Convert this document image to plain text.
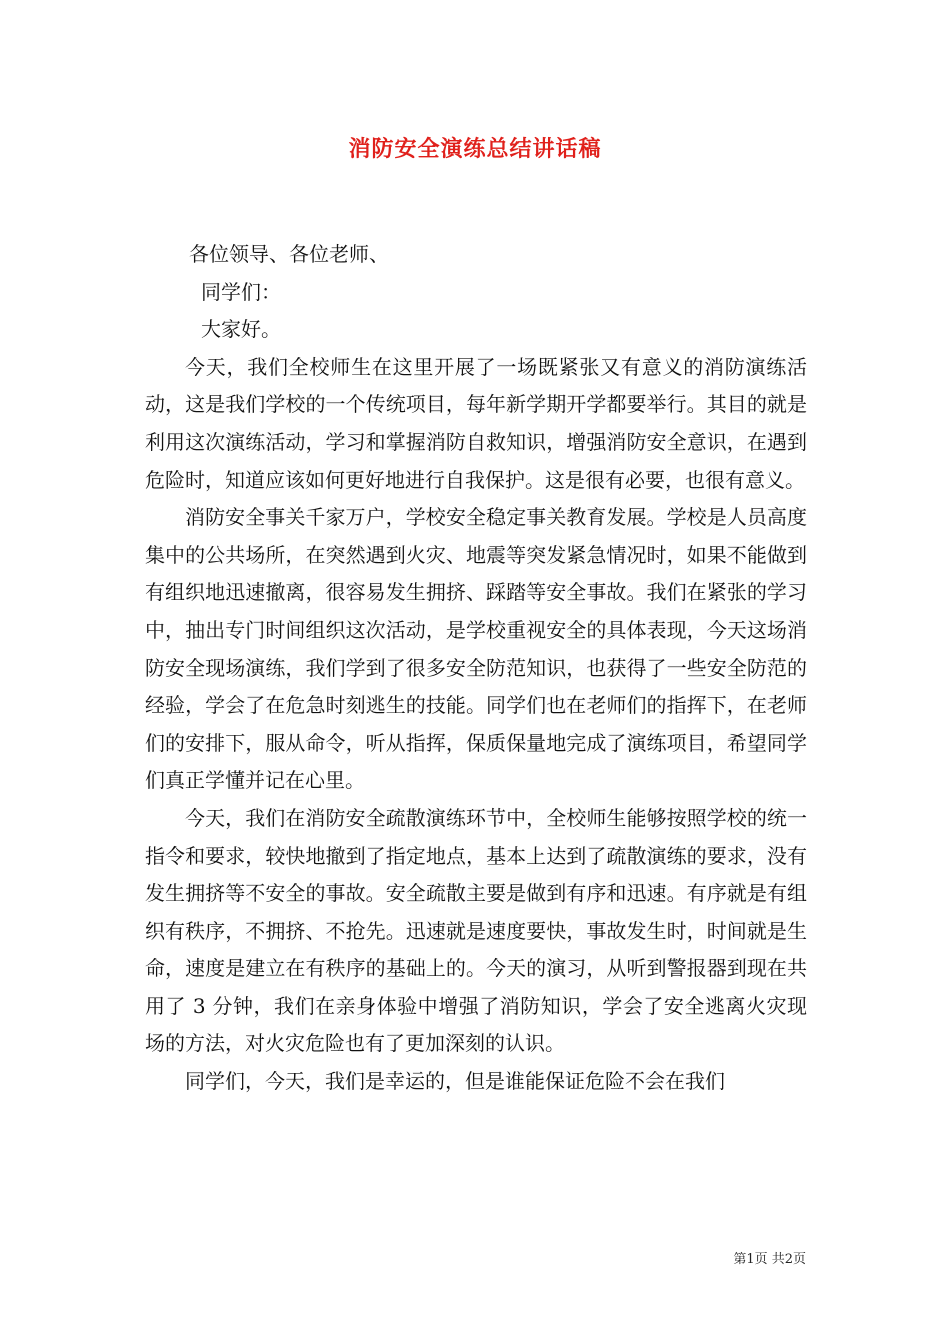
消防安全演练总结讲话稿

各位领导、各位老师、

同学们：

大家好。

今天，我们全校师生在这里开展了一场既紧张又有意义的消防演练活动，这是我们学校的一个传统项目，每年新学期开学都要举行。其目的就是利用这次演练活动，学习和掌握消防自救知识，增强消防安全意识，在遇到危险时，知道应该如何更好地进行自我保护。这是很有必要，也很有意义。

消防安全事关千家万户，学校安全稳定事关教育发展。学校是人员高度集中的公共场所，在突然遇到火灾、地震等突发紧急情况时，如果不能做到有组织地迅速撤离，很容易发生拥挤、踩踏等安全事故。我们在紧张的学习中，抽出专门时间组织这次活动，是学校重视安全的具体表现，今天这场消防安全现场演练，我们学到了很多安全防范知识，也获得了一些安全防范的经验，学会了在危急时刻逃生的技能。同学们也在老师们的指挥下，在老师们的安排下，服从命令，听从指挥，保质保量地完成了演练项目，希望同学们真正学懂并记在心里。

今天，我们在消防安全疏散演练环节中，全校师生能够按照学校的统一指令和要求，较快地撤到了指定地点，基本上达到了疏散演练的要求，没有发生拥挤等不安全的事故。安全疏散主要是做到有序和迅速。有序就是有组织有秩序，不拥挤、不抢先。迅速就是速度要快，事故发生时，时间就是生命，速度是建立在有秩序的基础上的。今天的演习，从听到警报器到现在共用了 3 分钟，我们在亲身体验中增强了消防知识，学会了安全逃离火灾现场的方法，对火灾危险也有了更加深刻的认识。

同学们，今天，我们是幸运的，但是谁能保证危险不会在我们

第1页 共2页
